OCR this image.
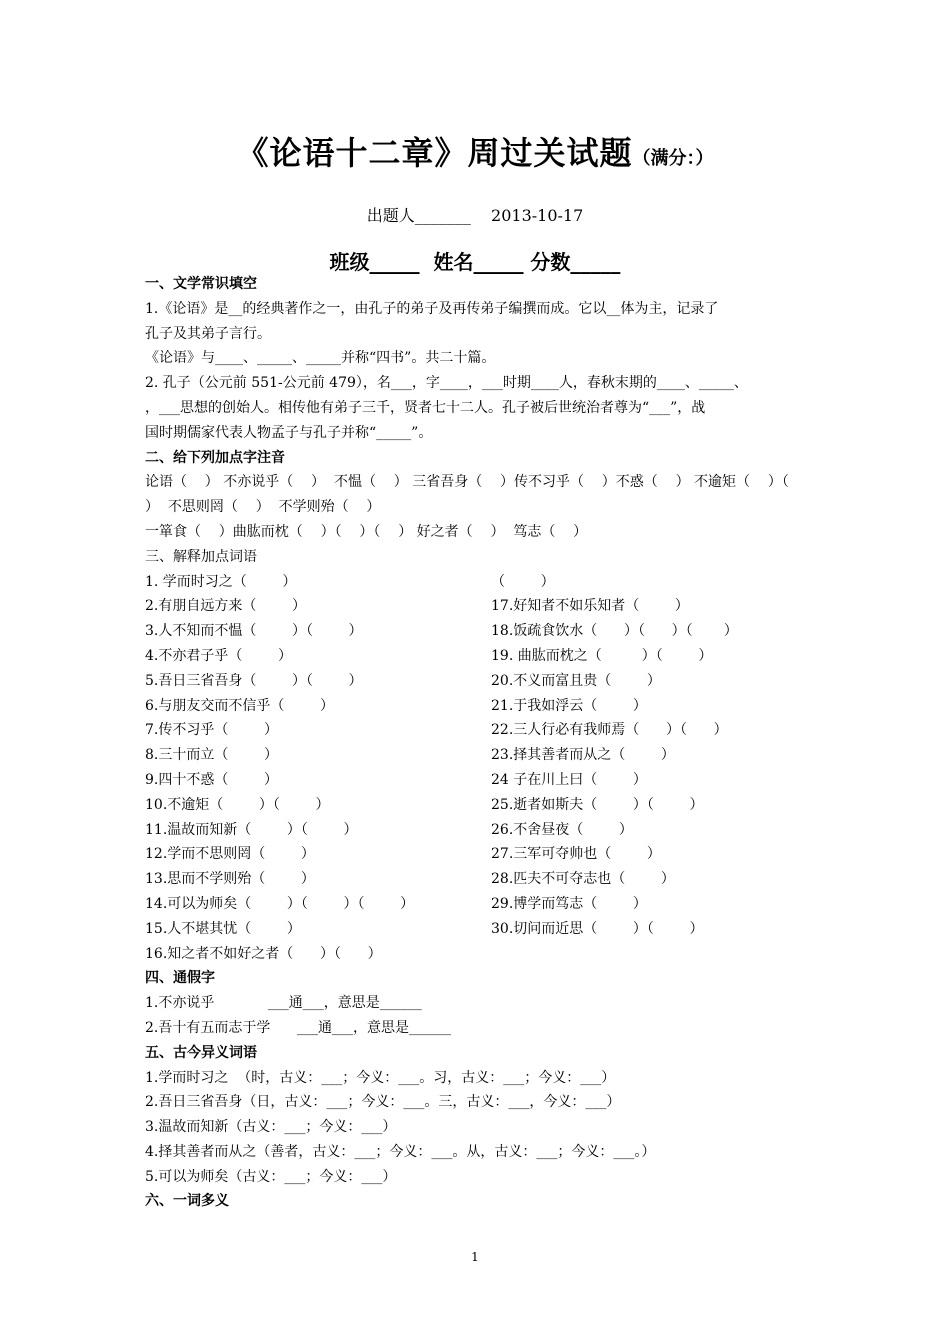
《论语十二章》周过关试题（满分：）
出题人_______    2013-10-17
班级_____  姓名_____ 分数_____
一、文学常识填空
1.《论语》是__的经典著作之一，由孔子的弟子及再传弟子编撰而成。它以__体为主，记录了
孔子及其弟子言行。
《论语》与____、_____、_____并称“四书”。共二十篇。
2. 孔子（公元前 551-公元前 479），名___，字____，___时期____人，春秋末期的____、_____、
，___思想的创始人。相传他有弟子三千，贤者七十二人。孔子被后世统治者尊为“___”，战
国时期儒家代表人物孟子与孔子并称“_____”。
二、给下列加点字注音
论语（    ） 不亦说乎（    ）  不愠（    ） 三省吾身（    ）传不习乎（    ）不惑（    ） 不逾矩（    ）（
）  不思则罔（    ）  不学则殆（    ）
一箪食（    ）曲肱而枕（    ）（    ）（    ） 好之者（    ）  笃志（    ）
三、解释加点词语
1. 学而时习之（        ）	（        ）
2.有朋自远方来（        ）	17.好知者不如乐知者（        ）
3.人不知而不愠（        ）（        ）	18.饭疏食饮水（      ）（      ）（       ）
4.不亦君子乎（        ）	19. 曲肱而枕之（         ）（        ）
5.吾日三省吾身（        ）（        ）	20.不义而富且贵（        ）
6.与朋友交而不信乎（        ）	21.于我如浮云（        ）
7.传不习乎（        ）	22.三人行必有我师焉（      ）（      ）
8.三十而立（        ）	23.择其善者而从之（        ）
9.四十不惑（        ）	24 子在川上曰（        ）
10.不逾矩（        ）（        ）	25.逝者如斯夫（        ）（        ）
11.温故而知新（        ）（        ）	26.不舍昼夜（        ）
12.学而不思则罔（        ）	27.三军可夺帅也（        ）
13.思而不学则殆（        ）	28.匹夫不可夺志也（        ）
14.可以为师矣（        ）（        ）（        ）	29.博学而笃志（        ）
15.人不堪其忧（        ）	30.切问而近思（        ）（        ）
16.知之者不如好之者（      ）（      ）
四、通假字
1.不亦说乎            ___通___，意思是______
2.吾十有五而志于学      ___通___，意思是______
五、古今异义词语
1.学而时习之  （时，古义：___；今义：___。习，古义：___；今义：___）
2.吾日三省吾身（日，古义：___；今义：___。三，古义：___，今义：___）
3.温故而知新（古义：___；今义：___）
4.择其善者而从之（善者，古义：___；今义：___。从，古义：___；今义：___。）
5.可以为师矣（古义：___；今义：___）
六、一词多义
1
